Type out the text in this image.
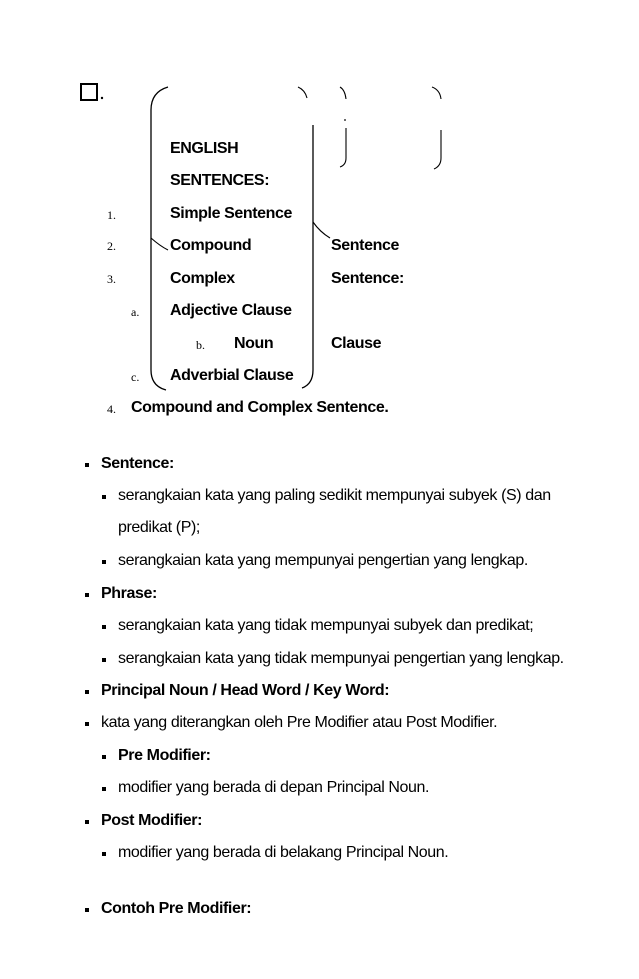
ENGLISH
SENTENCES:
1.	Simple Sentence
2.	Compound	Sentence
3.	Complex	Sentence:
a. Adjective Clause
b. Noun	Clause
c. Adverbial Clause
4. Compound and Complex Sentence.
Sentence:
serangkaian kata yang paling sedikit mempunyai subyek (S) dan
predikat (P);
serangkaian kata yang mempunyai pengertian yang lengkap.
Phrase:
serangkaian kata yang tidak mempunyai subyek dan predikat;
serangkaian kata yang tidak mempunyai pengertian yang lengkap.
Principal Noun / Head Word / Key Word:
kata yang diterangkan oleh Pre Modifier atau Post Modifier.
Pre Modifier:
modifier yang berada di depan Principal Noun.
Post Modifier:
modifier yang berada di belakang Principal Noun.
Contoh Pre Modifier:
